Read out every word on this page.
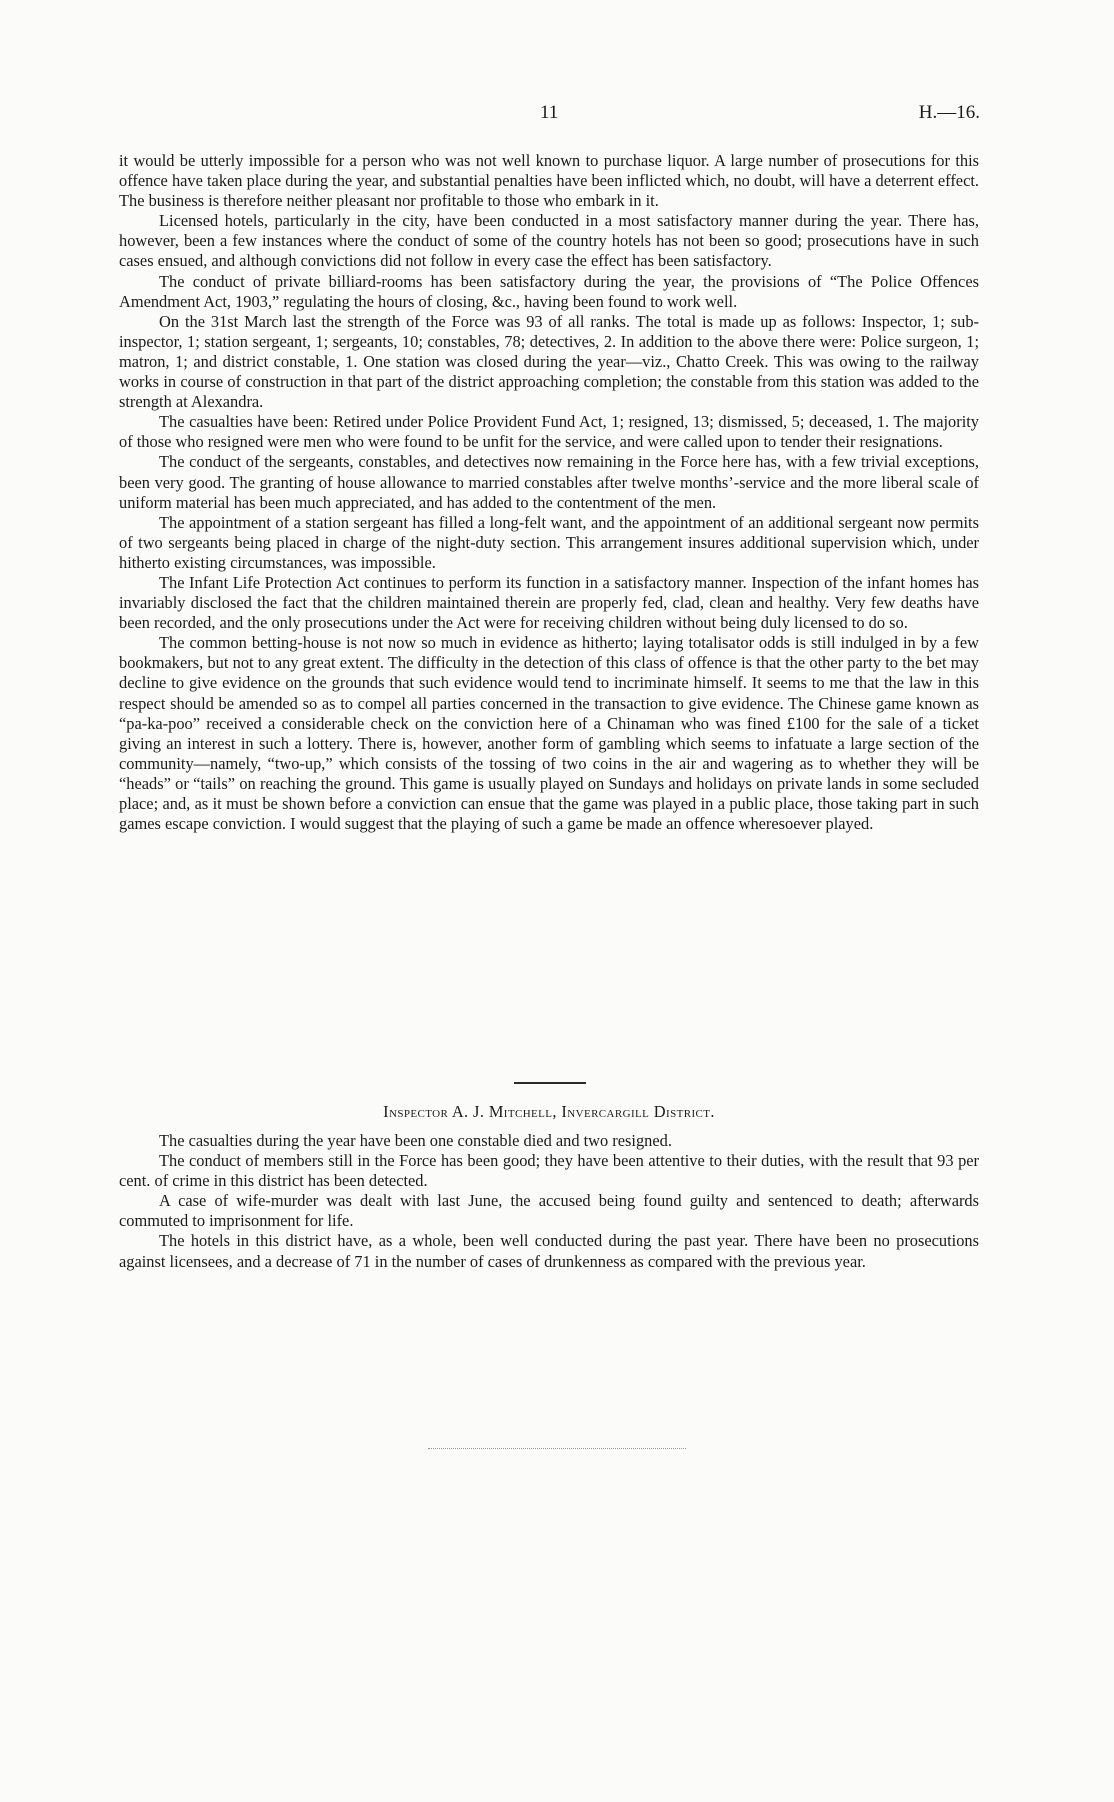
11	H.—16.

it would be utterly impossible for a person who was not well known to purchase liquor. A large number of prosecutions for this offence have taken place during the year, and substantial penalties have been inflicted which, no doubt, will have a deterrent effect. The business is therefore neither pleasant nor profitable to those who embark in it.

Licensed hotels, particularly in the city, have been conducted in a most satisfactory manner during the year. There has, however, been a few instances where the conduct of some of the country hotels has not been so good; prosecutions have in such cases ensued, and although convictions did not follow in every case the effect has been satisfactory.

The conduct of private billiard-rooms has been satisfactory during the year, the provisions of “The Police Offences Amendment Act, 1903,” regulating the hours of closing, &c., having been found to work well.

On the 31st March last the strength of the Force was 93 of all ranks. The total is made up as follows: Inspector, 1; sub-inspector, 1; station sergeant, 1; sergeants, 10; constables, 78; detectives, 2. In addition to the above there were: Police surgeon, 1; matron, 1; and district constable, 1. One station was closed during the year—viz., Chatto Creek. This was owing to the railway works in course of construction in that part of the district approaching completion; the constable from this station was added to the strength at Alexandra.

The casualties have been: Retired under Police Provident Fund Act, 1; resigned, 13; dismissed, 5; deceased, 1. The majority of those who resigned were men who were found to be unfit for the service, and were called upon to tender their resignations.

The conduct of the sergeants, constables, and detectives now remaining in the Force here has, with a few trivial exceptions, been very good. The granting of house allowance to married constables after twelve months’-service and the more liberal scale of uniform material has been much appreciated, and has added to the contentment of the men.

The appointment of a station sergeant has filled a long-felt want, and the appointment of an additional sergeant now permits of two sergeants being placed in charge of the night-duty section. This arrangement insures additional supervision which, under hitherto existing circumstances, was impossible.

The Infant Life Protection Act continues to perform its function in a satisfactory manner. Inspection of the infant homes has invariably disclosed the fact that the children maintained therein are properly fed, clad, clean and healthy. Very few deaths have been recorded, and the only prosecutions under the Act were for receiving children without being duly licensed to do so.

The common betting-house is not now so much in evidence as hitherto; laying totalisator odds is still indulged in by a few bookmakers, but not to any great extent. The difficulty in the detection of this class of offence is that the other party to the bet may decline to give evidence on the grounds that such evidence would tend to incriminate himself. It seems to me that the law in this respect should be amended so as to compel all parties concerned in the transaction to give evidence. The Chinese game known as “pa-ka-poo” received a considerable check on the conviction here of a Chinaman who was fined £100 for the sale of a ticket giving an interest in such a lottery. There is, however, another form of gambling which seems to infatuate a large section of the community—namely, “two-up,” which consists of the tossing of two coins in the air and wagering as to whether they will be “heads” or “tails” on reaching the ground. This game is usually played on Sundays and holidays on private lands in some secluded place; and, as it must be shown before a conviction can ensue that the game was played in a public place, those taking part in such games escape conviction. I would suggest that the playing of such a game be made an offence wheresoever played.

Inspector A. J. Mitchell, Invercargill District.

The casualties during the year have been one constable died and two resigned.

The conduct of members still in the Force has been good; they have been attentive to their duties, with the result that 93 per cent. of crime in this district has been detected.

A case of wife-murder was dealt with last June, the accused being found guilty and sentenced to death; afterwards commuted to imprisonment for life.

The hotels in this district have, as a whole, been well conducted during the past year. There have been no prosecutions against licensees, and a decrease of 71 in the number of cases of drunkenness as compared with the previous year.
